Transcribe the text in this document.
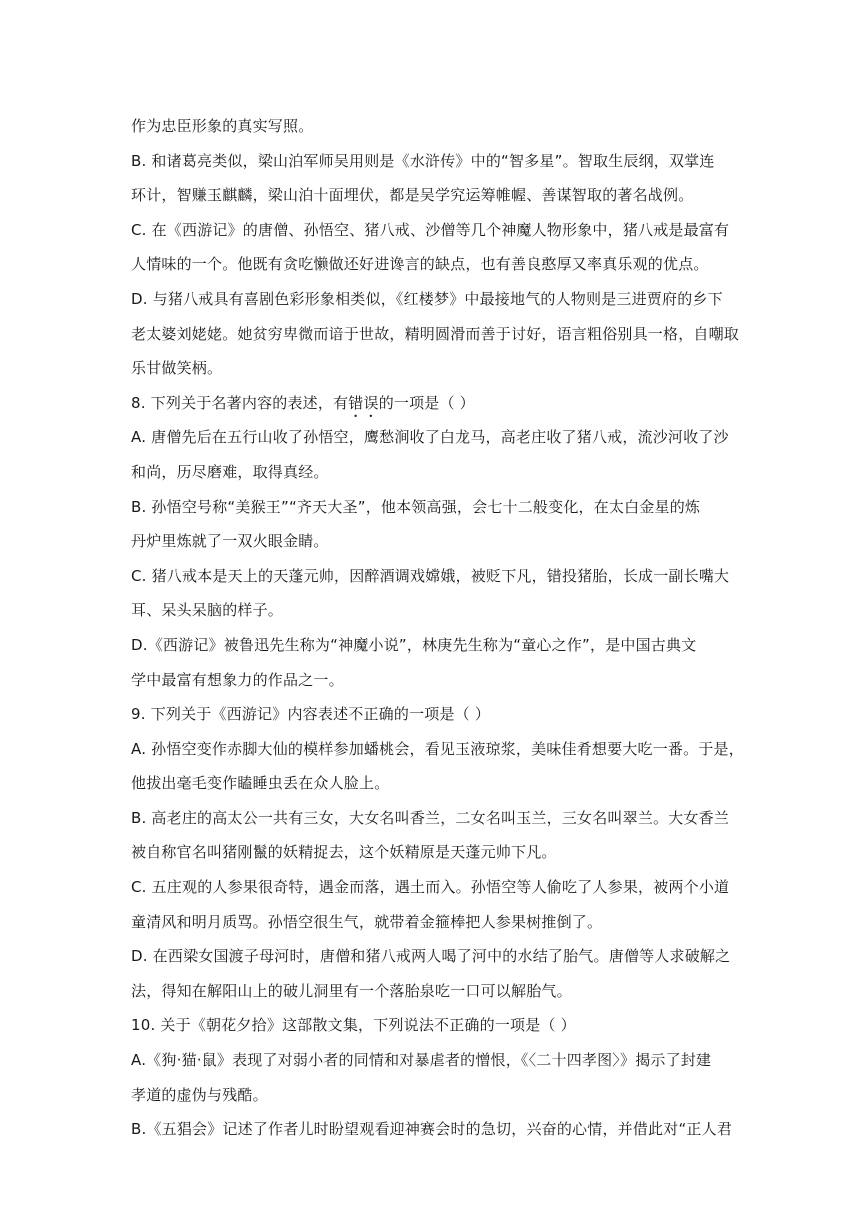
作为忠臣形象的真实写照。
B. 和诸葛亮类似，梁山泊军师吴用则是《水浒传》中的“智多星”。智取生辰纲，双掌连
环计，智赚玉麒麟，梁山泊十面埋伏，都是吴学究运筹帷幄、善谋智取的著名战例。
C. 在《西游记》的唐僧、孙悟空、猪八戒、沙僧等几个神魔人物形象中，猪八戒是最富有
人情味的一个。他既有贪吃懒做还好进谗言的缺点，也有善良憨厚又率真乐观的优点。
D. 与猪八戒具有喜剧色彩形象相类似，《红楼梦》中最接地气的人物则是三进贾府的乡下
老太婆刘姥姥。她贫穷卑微而谙于世故，精明圆滑而善于讨好，语言粗俗别具一格，自嘲取
乐甘做笑柄。
8. 下列关于名著内容的表述，有错误的一项是（ ）
A. 唐僧先后在五行山收了孙悟空，鹰愁涧收了白龙马，高老庄收了猪八戒，流沙河收了沙
和尚，历尽磨难，取得真经。
B. 孙悟空号称“美猴王”“齐天大圣”，他本领高强，会七十二般变化，在太白金星的炼
丹炉里炼就了一双火眼金睛。
C. 猪八戒本是天上的天蓬元帅，因醉酒调戏嫦娥，被贬下凡，错投猪胎，长成一副长嘴大
耳、呆头呆脑的样子。
D.《西游记》被鲁迅先生称为“神魔小说”，林庚先生称为“童心之作”，是中国古典文
学中最富有想象力的作品之一。
9. 下列关于《西游记》内容表述不正确的一项是（ ）
A. 孙悟空变作赤脚大仙的模样参加蟠桃会，看见玉液琼浆，美味佳肴想要大吃一番。于是，
他拔出毫毛变作瞌睡虫丢在众人脸上。
B. 高老庄的高太公一共有三女，大女名叫香兰，二女名叫玉兰，三女名叫翠兰。大女香兰
被自称官名叫猪刚鬣的妖精捉去，这个妖精原是天蓬元帅下凡。
C. 五庄观的人参果很奇特，遇金而落，遇土而入。孙悟空等人偷吃了人参果，被两个小道
童清风和明月质骂。孙悟空很生气，就带着金箍棒把人参果树推倒了。
D. 在西梁女国渡子母河时，唐僧和猪八戒两人喝了河中的水结了胎气。唐僧等人求破解之
法，得知在解阳山上的破儿洞里有一个落胎泉吃一口可以解胎气。
10. 关于《朝花夕拾》这部散文集，下列说法不正确的一项是（ ）
A.《狗·猫·鼠》表现了对弱小者的同情和对暴虐者的憎恨，《〈二十四孝图〉》揭示了封建
孝道的虚伪与残酷。
B.《五猖会》记述了作者儿时盼望观看迎神赛会时的急切，兴奋的心情，并借此对“正人君
